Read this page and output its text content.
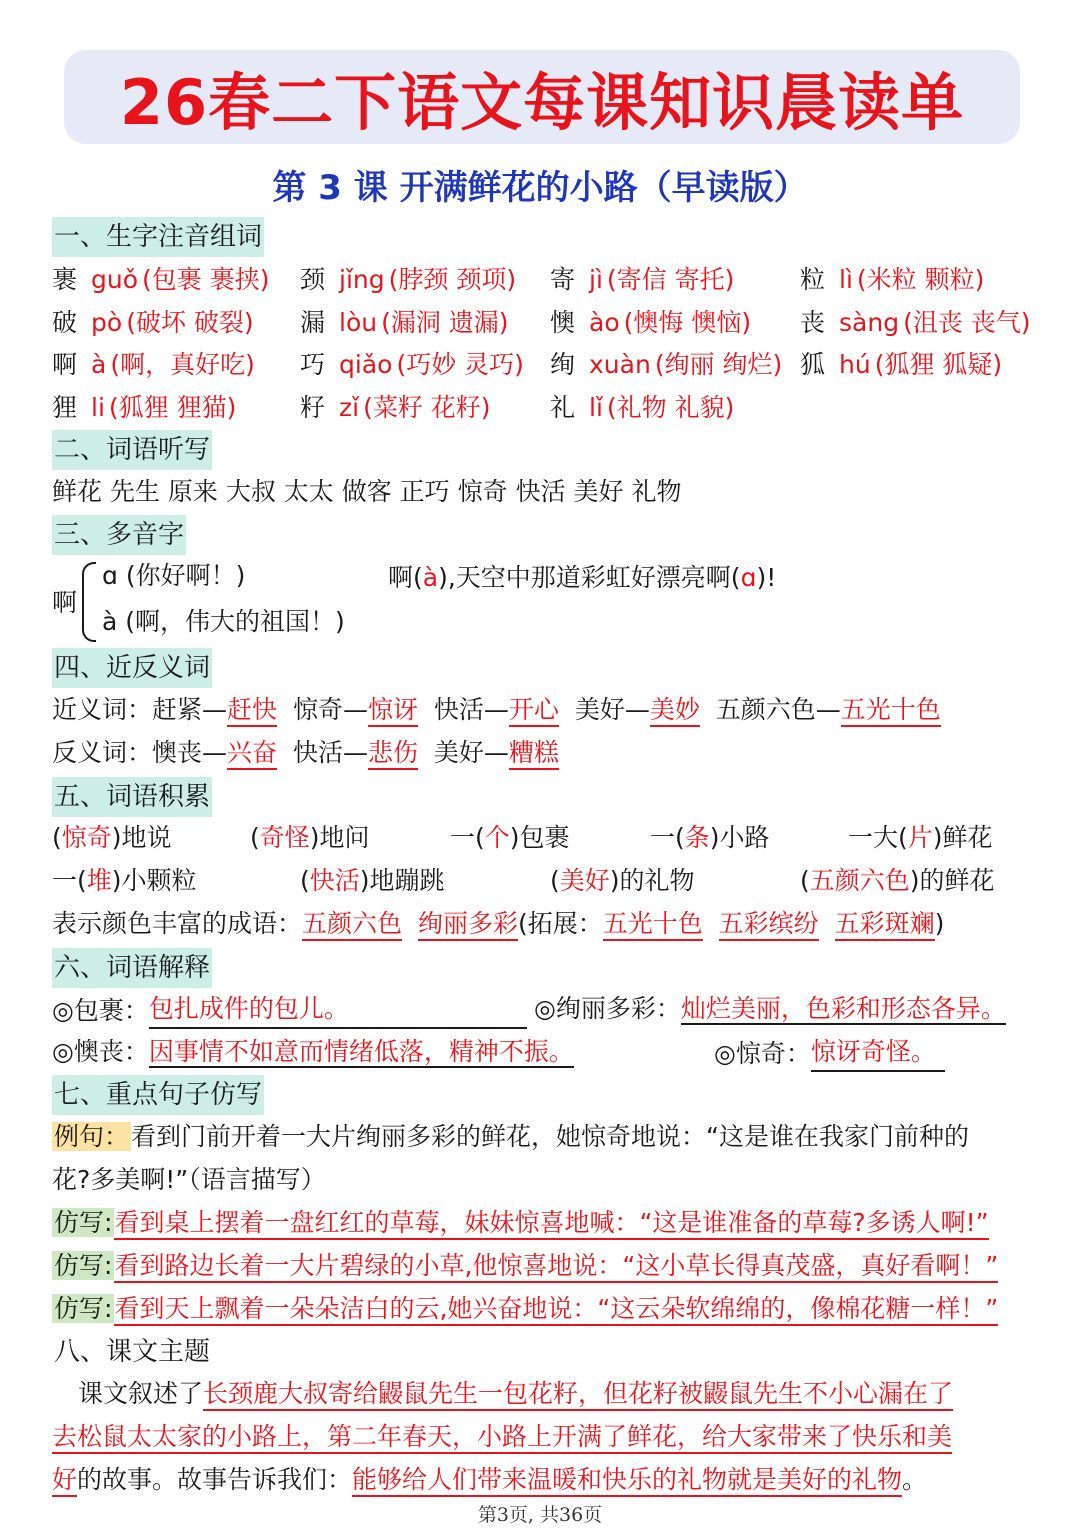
26春二下语文 每课知识晨读单
第 3 课 开满鲜花的小路（早读版）
一、生字注音组词
裹 guǒ (包裹 裹挟) 颈 jǐng (脖颈 颈项) 寄 jì (寄信 寄托)	粒 lì (米粒 颗粒)
破 pò (破坏 破裂) 漏 lòu (漏洞 遗漏) 懊 ào (懊悔 懊恼) 丧 sàng (沮丧 丧气)
啊 à (啊，真好吃) 巧 qiǎo (巧妙 灵巧) 绚 xuàn (绚丽 绚烂) 狐 hú (狐狸 狐疑)
狸 li (狐狸 狸猫)	籽 zǐ (菜籽 花籽) 礼 lǐ (礼物 礼貌)
二、词语听写
鲜花 先生 原来 大叔 太太 做客 正巧 惊奇 快活 美好 礼物
三、多音字
啊
ɑ (你好啊！)
à (啊，伟大的祖国！)
啊(à),天空中那道彩虹好漂亮啊(ɑ)!
四、近反义词
近义词：赶紧—赶快 惊奇—惊讶 快活—开心 美好—美妙 五颜六色—五光十色
反义词：懊丧—兴奋 快活—悲伤 美好—糟糕
五、词语积累
(惊奇)地说	(奇怪)地问	一(个)包裹	一(条)小路	一大(片)鲜花
一(堆)小颗粒	(快活)地蹦跳	(美好)的礼物	(五颜六色)的鲜花
表示颜色丰富的成语：五颜六色 绚丽多彩(拓展：五光十色 五彩缤纷 五彩斑斓)
六、词语解释
◎包裹：包扎成件的包儿。	◎绚丽多彩：灿烂美丽，色彩和形态各异。
◎懊丧：因事情不如意而情绪低落，精神不振。	◎惊奇：惊讶奇怪。
七、重点句子仿写
例句：看到门前开着一大片绚丽多彩的鲜花，她惊奇地说：“这是谁在我家门前种的
花?多美啊!”（语言描写）
仿写:看到桌上摆着一盘红红的草莓，妹妹惊喜地喊：“这是谁准备的草莓?多诱人啊!”
仿写:看到路边长着一大片碧绿的小草,他惊喜地说：“这小草长得真茂盛，真好看啊！”
仿写:看到天上飘着一朵朵洁白的云,她兴奋地说：“这云朵软绵绵的，像棉花糖一样！”
八、课文主题
课文叙述了长颈鹿大叔寄给鼹鼠先生一包花籽，但花籽被鼹鼠先生不小心漏在了
去松鼠太太家的小路上，第二年春天，小路上开满了鲜花，给大家带来了快乐和美
好的故事。故事告诉我们：能够给人们带来温暖和快乐的礼物就是美好的礼物。
第3页, 共36页
